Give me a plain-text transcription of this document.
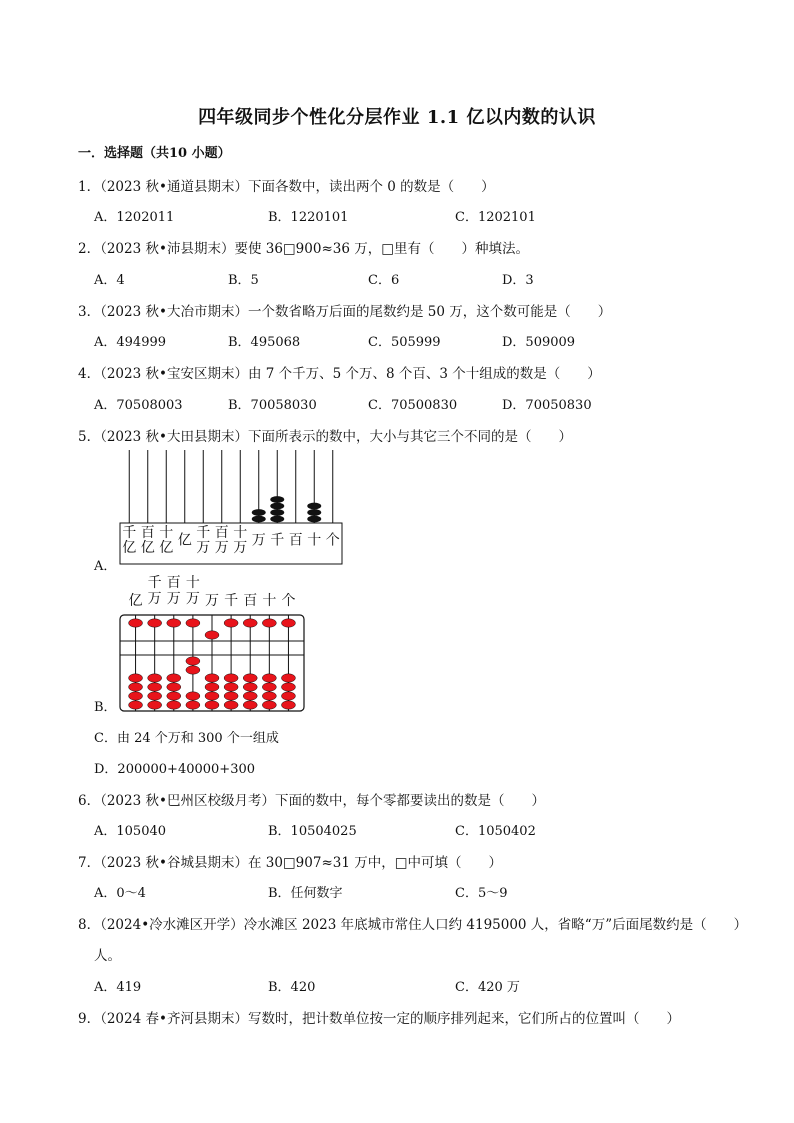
四年级同步个性化分层作业 1.1 亿以内数的认识
一．选择题（共10 小题）
1．（2023 秋•通道县期末）下面各数中，读出两个 0 的数是（　　）
A．1202011	B．1220101	C．1202101
2．（2023 秋•沛县期末）要使 36□900≈36 万，□里有（　　）种填法。
A．4	B．5	C．6	D．3
3．（2023 秋•大冶市期末）一个数省略万后面的尾数约是 50 万，这个数可能是（　　）
A．494999	B．495068	C．505999	D．509009
4．（2023 秋•宝安区期末）由 7 个千万、5 个万、8 个百、3 个十组成的数是（　　）
A．70508003	B．70058030	C．70500830	D．70050830
5．（2023 秋•大田县期末）下面所表示的数中，大小与其它三个不同的是（　　）
千亿
百亿
十亿 亿 千万
百万
十万 万 千 百 十 个
A．
亿
千万
百万
十万 万 千 百 十 个
B．
C．由 24 个万和 300 个一组成
D．200000+40000+300
6．（2023 秋•巴州区校级月考）下面的数中，每个零都要读出的数是（　　）
A．105040	B．10504025	C．1050402
7．（2023 秋•谷城县期末）在 30□907≈31 万中，□中可填（　　）
A．0～4	B．任何数字	C．5～9
8．（2024•冷水滩区开学）冷水滩区 2023 年底城市常住人口约 4195000 人，省略“万”后面尾数约是（　　）
人。
A．419	B．420	C．420 万
9．（2024 春•齐河县期末）写数时，把计数单位按一定的顺序排列起来，它们所占的位置叫（　　）
